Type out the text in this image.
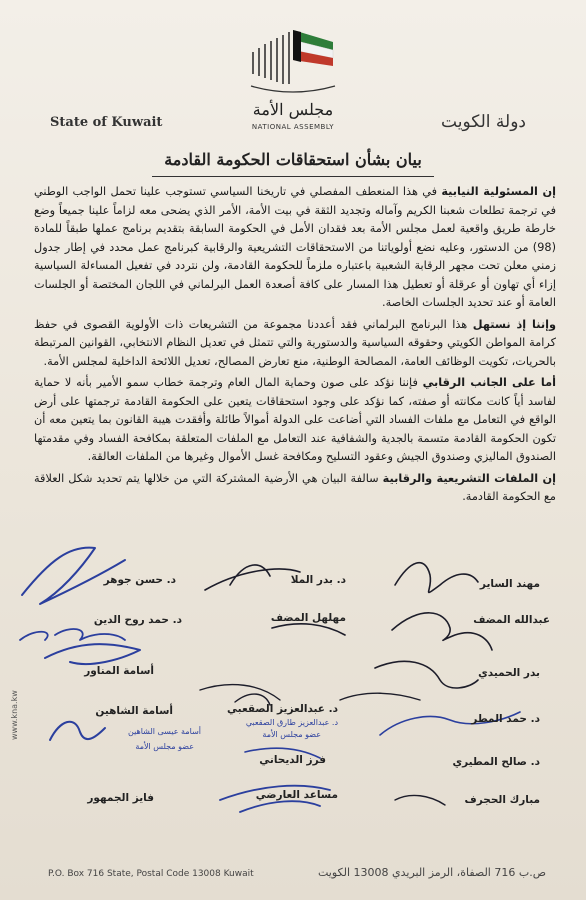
مجلس الأمة
NATIONAL ASSEMBLY
State of Kuwait	دولة الكويت
بيان بشأن استحقاقات الحكومة القادمة

إن المسئولية النيابية في هذا المنعطف المفصلي في تاريخنا السياسي تستوجب علينا تحمل الواجب الوطني في ترجمة تطلعات شعبنا الكريم وآماله وتجديد الثقة في بيت الأمة، الأمر الذي يضحى معه لزاماً علينا جميعاً وضع خارطة طريق واقعية لعمل مجلس الأمة بعد فقدان الأمل في الحكومة السابقة بتقديم برنامج عملها طبقاً للمادة (98) من الدستور، وعليه نضع أولوياتنا من الاستحقاقات التشريعية والرقابية كبرنامج عمل محدد في إطار جدول زمني معلن تحت مجهر الرقابة الشعبية باعتباره ملزماً للحكومة القادمة، ولن نتردد في تفعيل المساءلة السياسية إزاء أي تهاون أو عرقلة أو تعطيل هذا المسار على كافة أصعدة العمل البرلماني في اللجان المختصة أو الجلسات العامة أو عند تحديد الجلسات الخاصة.

وإننا إذ نستهل هذا البرنامج البرلماني فقد أعددنا مجموعة من التشريعات ذات الأولوية القصوى في حفظ كرامة المواطن الكويتي وحقوقه السياسية والدستورية والتي تتمثل في تعديل النظام الانتخابي، القوانين المرتبطة بالحريات، تكويت الوظائف العامة، المصالحة الوطنية، منع تعارض المصالح، تعديل اللائحة الداخلية لمجلس الأمة.

أما على الجانب الرقابي فإننا نؤكد على صون وحماية المال العام وترجمة خطاب سمو الأمير بأنه لا حماية لفاسد أياً كانت مكانته أو صفته، كما نؤكد على وجود استحقاقات يتعين على الحكومة القادمة ترجمتها على أرض الواقع في التعامل مع ملفات الفساد التي أضاعت على الدولة أموالاً طائلة وأفقدت هيبة القانون بما يتعين معه أن تكون الحكومة القادمة متسمة بالجدية والشفافية عند التعامل مع الملفات المتعلقة بمكافحة الفساد وفي مقدمتها الصندوق الماليزي وصندوق الجيش وعقود التسليح ومكافحة غسل الأموال وغيرها من الملفات العالقة.

إن الملفات التشريعية والرقابية سالفة البيان هي الأرضية المشتركة التي من خلالها يتم تحديد شكل العلاقة مع الحكومة القادمة.

مهند الساير
د. بدر الملا
د. حسن جوهر
عبدالله المضف
مهلهل المضف
د. حمد روح الدين
أسامة المناور	بدر الحميدي
د. حمد المطر
د. عبدالعزيز الصقعبي
أسامة الشاهين
د. صالح المطيري
فرز الديحاني
مبارك الحجرف
مساعد العارضي
فايز الجمهور
د. عبدالعزيز طارق الصقعبي
عضو مجلس الأمة
أسامة عيسى الشاهين
عضو مجلس الأمة
www.kna.kw
P.O. Box 716 State, Postal Code 13008 Kuwait	ص.ب 716 الصفاة، الرمز البريدي 13008 الكويت
